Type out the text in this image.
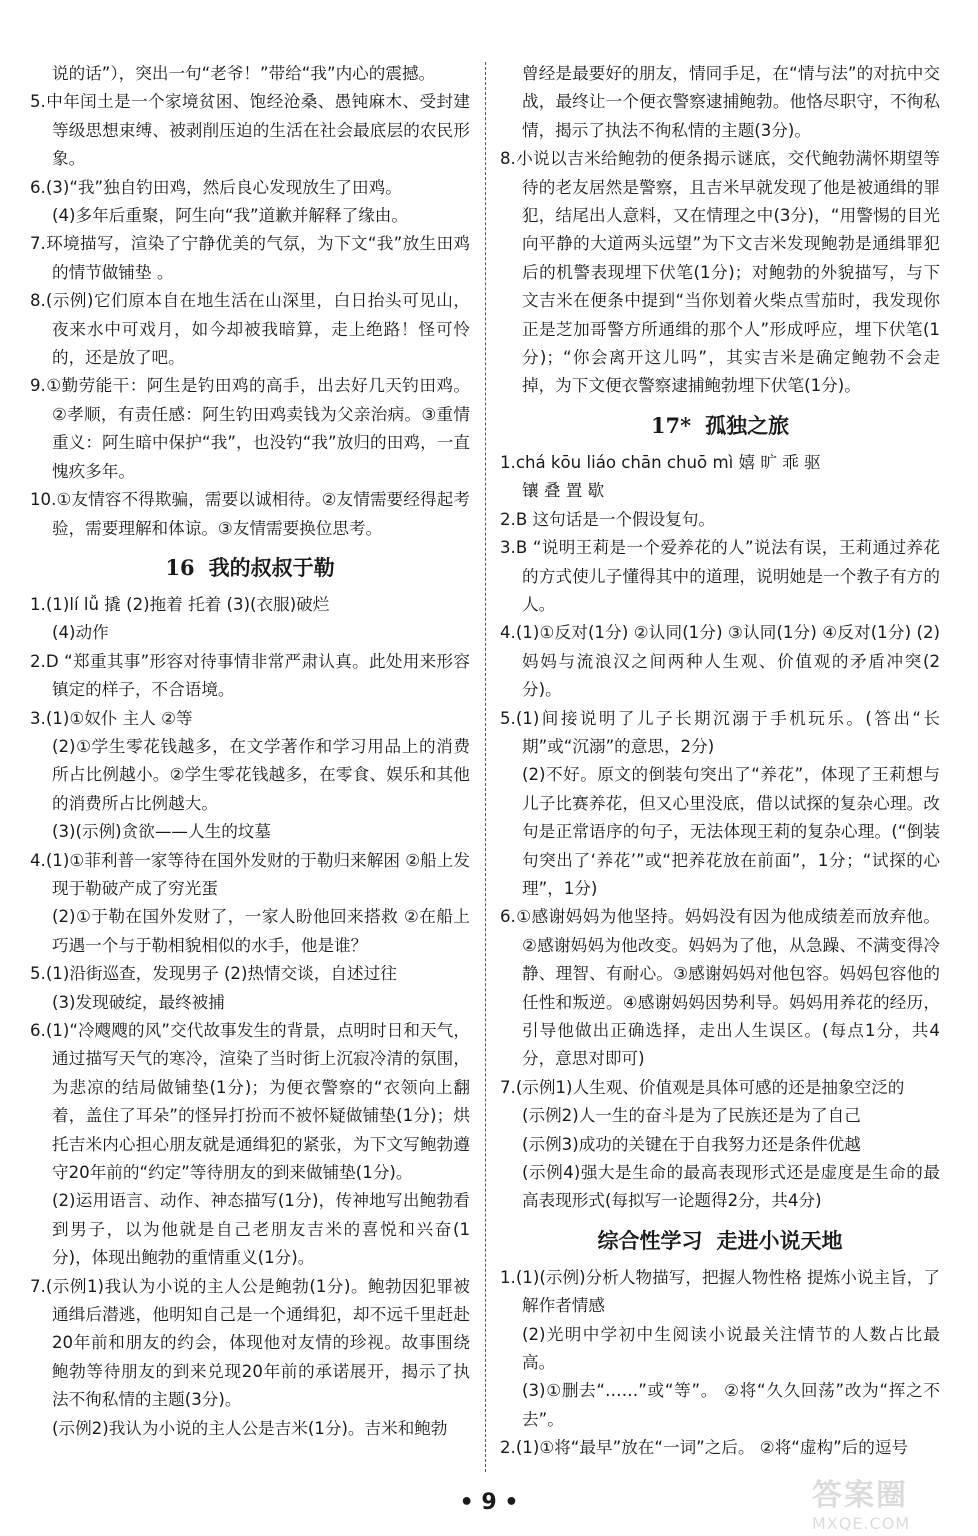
说的话”），突出一句“老爷！”带给“我”内心的震撼。

5.中年闰土是一个家境贫困、饱经沧桑、愚钝麻木、受封建等级思想束缚、被剥削压迫的生活在社会最底层的农民形象。

6.(3)“我”独自钓田鸡，然后良心发现放生了田鸡。

(4)多年后重聚，阿生向“我”道歉并解释了缘由。

7.环境描写，渲染了宁静优美的气氛，为下文“我”放生田鸡的情节做铺垫 。

8.(示例)它们原本自在地生活在山深里，白日抬头可见山，夜来水中可戏月，如今却被我暗算，走上绝路！怪可怜的，还是放了吧。

9.①勤劳能干：阿生是钓田鸡的高手，出去好几天钓田鸡。②孝顺，有责任感：阿生钓田鸡卖钱为父亲治病。③重情重义：阿生暗中保护“我”，也没钓“我”放归的田鸡，一直愧疚多年。

10.①友情容不得欺骗，需要以诚相待。②友情需要经得起考验，需要理解和体谅。③友情需要换位思考。

16 我的叔叔于勒

1.(1)lí lǚ 撬 (2)拖着 托着 (3)(衣服)破烂

(4)动作

2.D “郑重其事”形容对待事情非常严肃认真。此处用来形容镇定的样子，不合语境。

3.(1)①奴仆 主人 ②等

(2)①学生零花钱越多，在文学著作和学习用品上的消费所占比例越小。②学生零花钱越多，在零食、娱乐和其他的消费所占比例越大。

(3)(示例)贪欲——人生的坟墓

4.(1)①菲利普一家等待在国外发财的于勒归来解困 ②船上发现于勒破产成了穷光蛋

(2)①于勒在国外发财了，一家人盼他回来搭救 ②在船上巧遇一个与于勒相貌相似的水手，他是谁？

5.(1)沿街巡查，发现男子 (2)热情交谈，自述过往

(3)发现破绽，最终被捕

6.(1)“冷飕飕的风”交代故事发生的背景，点明时日和天气，通过描写天气的寒冷，渲染了当时街上沉寂冷清的氛围，为悲凉的结局做铺垫(1分)；为便衣警察的“衣领向上翻着，盖住了耳朵”的怪异打扮而不被怀疑做铺垫(1分)；烘托吉米内心担心朋友就是通缉犯的紧张，为下文写鲍勃遵守20年前的“约定”等待朋友的到来做铺垫(1分)。

(2)运用语言、动作、神态描写(1分)，传神地写出鲍勃看到男子，以为他就是自己老朋友吉米的喜悦和兴奋(1分)，体现出鲍勃的重情重义(1分)。

7.(示例1)我认为小说的主人公是鲍勃(1分)。鲍勃因犯罪被通缉后潜逃，他明知自己是一个通缉犯，却不远千里赶赴20年前和朋友的约会，体现他对友情的珍视。故事围绕鲍勃等待朋友的到来兑现20年前的承诺展开，揭示了执法不徇私情的主题(3分)。

(示例2)我认为小说的主人公是吉米(1分)。吉米和鲍勃

曾经是最要好的朋友，情同手足，在“情与法”的对抗中交战，最终让一个便衣警察逮捕鲍勃。他恪尽职守，不徇私情，揭示了执法不徇私情的主题(3分)。

8.小说以吉米给鲍勃的便条揭示谜底，交代鲍勃满怀期望等待的老友居然是警察，且吉米早就发现了他是被通缉的罪犯，结尾出人意料，又在情理之中(3分)，“用警惕的目光向平静的大道两头远望”为下文吉米发现鲍勃是通缉罪犯后的机警表现埋下伏笔(1分)；对鲍勃的外貌描写，与下文吉米在便条中提到“当你划着火柴点雪茄时，我发现你正是芝加哥警方所通缉的那个人”形成呼应，埋下伏笔(1分)；“你会离开这儿吗”，其实吉米是确定鲍勃不会走掉，为下文便衣警察逮捕鲍勃埋下伏笔(1分)。

17* 孤独之旅

1.chá kōu liáo chān chuō mì 嬉 旷 乖 驱

镶 叠 置 歇

2.B 这句话是一个假设复句。

3.B “说明王莉是一个爱养花的人”说法有误，王莉通过养花的方式使儿子懂得其中的道理，说明她是一个教子有方的人。

4.(1)①反对(1分) ②认同(1分) ③认同(1分) ④反对(1分) (2)妈妈与流浪汉之间两种人生观、价值观的矛盾冲突(2分)。

5.(1)间接说明了儿子长期沉溺于手机玩乐。(答出“长期”或“沉溺”的意思，2分)

(2)不好。原文的倒装句突出了“养花”，体现了王莉想与儿子比赛养花，但又心里没底，借以试探的复杂心理。改句是正常语序的句子，无法体现王莉的复杂心理。(“倒装句突出了‘养花’”或“把养花放在前面”，1分；“试探的心理”，1分)

6.①感谢妈妈为他坚持。妈妈没有因为他成绩差而放弃他。②感谢妈妈为他改变。妈妈为了他，从急躁、不满变得冷静、理智、有耐心。③感谢妈妈对他包容。妈妈包容他的任性和叛逆。④感谢妈妈因势利导。妈妈用养花的经历，引导他做出正确选择，走出人生误区。(每点1分，共4分，意思对即可)

7.(示例1)人生观、价值观是具体可感的还是抽象空泛的

(示例2)人一生的奋斗是为了民族还是为了自己

(示例3)成功的关键在于自我努力还是条件优越

(示例4)强大是生命的最高表现形式还是虚度是生命的最高表现形式(每拟写一论题得2分，共4分)

综合性学习 走进小说天地

1.(1)(示例)分析人物描写，把握人物性格 提炼小说主旨，了解作者情感

(2)光明中学初中生阅读小说最关注情节的人数占比最高。

(3)①删去“……”或“等”。 ②将“久久回荡”改为“挥之不去”。

2.(1)①将“最早”放在“一词”之后。 ②将“虚构”后的逗号

• 9 •	答案圈
MXQE.COM
